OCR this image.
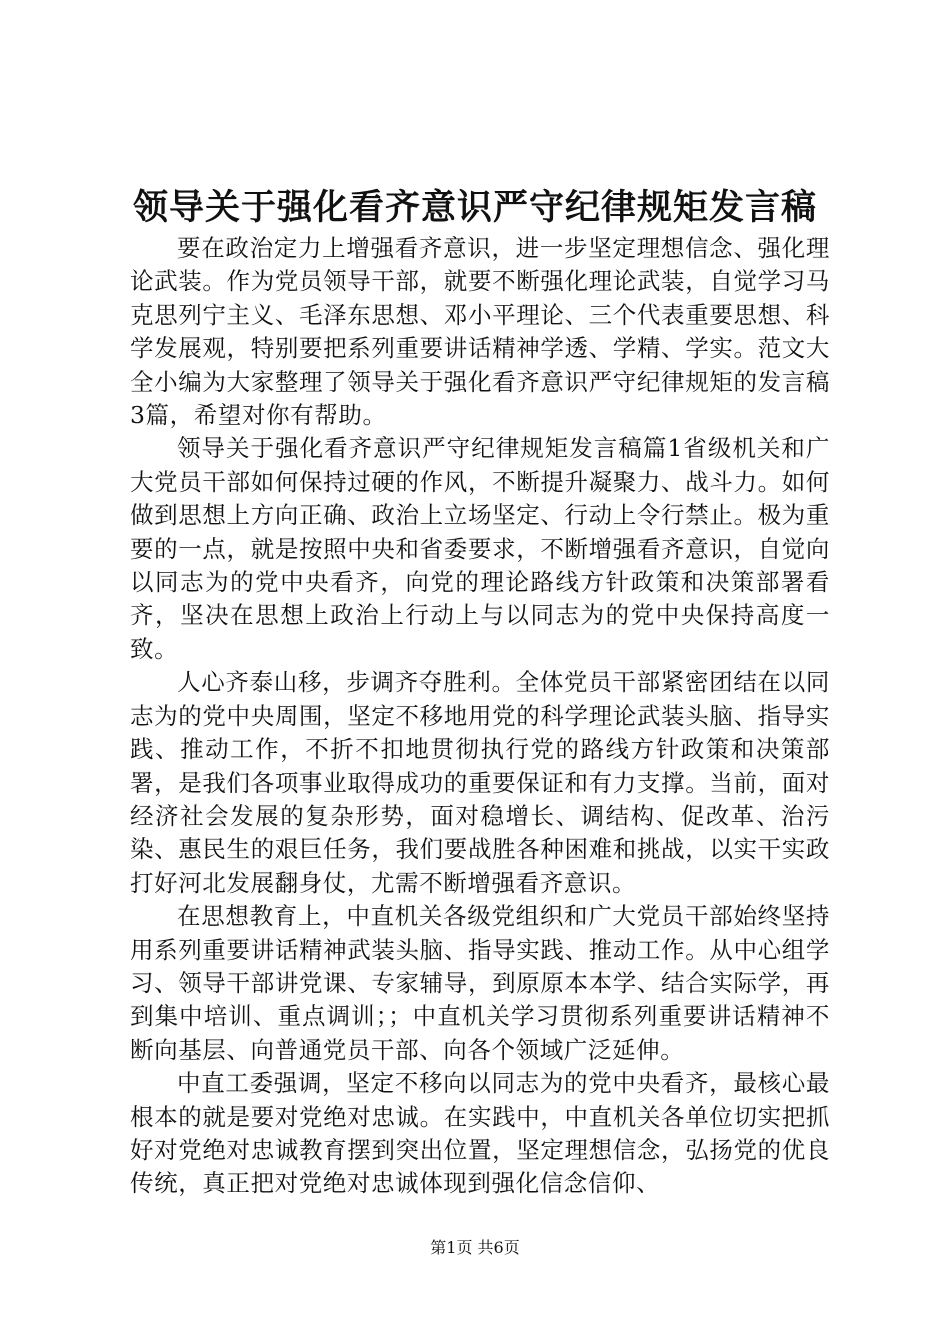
领导关于强化看齐意识严守纪律规矩发言稿

要在政治定力上增强看齐意识，进一步坚定理想信念、强化理论武装。作为党员领导干部，就要不断强化理论武装，自觉学习马克思列宁主义、毛泽东思想、邓小平理论、三个代表重要思想、科学发展观，特别要把系列重要讲话精神学透、学精、学实。范文大全小编为大家整理了领导关于强化看齐意识严守纪律规矩的发言稿3篇，希望对你有帮助。

领导关于强化看齐意识严守纪律规矩发言稿篇1省级机关和广大党员干部如何保持过硬的作风，不断提升凝聚力、战斗力。如何做到思想上方向正确、政治上立场坚定、行动上令行禁止。极为重要的一点，就是按照中央和省委要求，不断增强看齐意识，自觉向以同志为的党中央看齐，向党的理论路线方针政策和决策部署看齐，坚决在思想上政治上行动上与以同志为的党中央保持高度一致。

人心齐泰山移，步调齐夺胜利。全体党员干部紧密团结在以同志为的党中央周围，坚定不移地用党的科学理论武装头脑、指导实践、推动工作，不折不扣地贯彻执行党的路线方针政策和决策部署，是我们各项事业取得成功的重要保证和有力支撑。当前，面对经济社会发展的复杂形势，面对稳增长、调结构、促改革、治污染、惠民生的艰巨任务，我们要战胜各种困难和挑战，以实干实政打好河北发展翻身仗，尤需不断增强看齐意识。

在思想教育上，中直机关各级党组织和广大党员干部始终坚持用系列重要讲话精神武装头脑、指导实践、推动工作。从中心组学习、领导干部讲党课、专家辅导，到原原本本学、结合实际学，再到集中培训、重点调训；；中直机关学习贯彻系列重要讲话精神不断向基层、向普通党员干部、向各个领域广泛延伸。

中直工委强调，坚定不移向以同志为的党中央看齐，最核心最根本的就是要对党绝对忠诚。在实践中，中直机关各单位切实把抓好对党绝对忠诚教育摆到突出位置，坚定理想信念，弘扬党的优良传统，真正把对党绝对忠诚体现到强化信念信仰、

第1页 共6页
